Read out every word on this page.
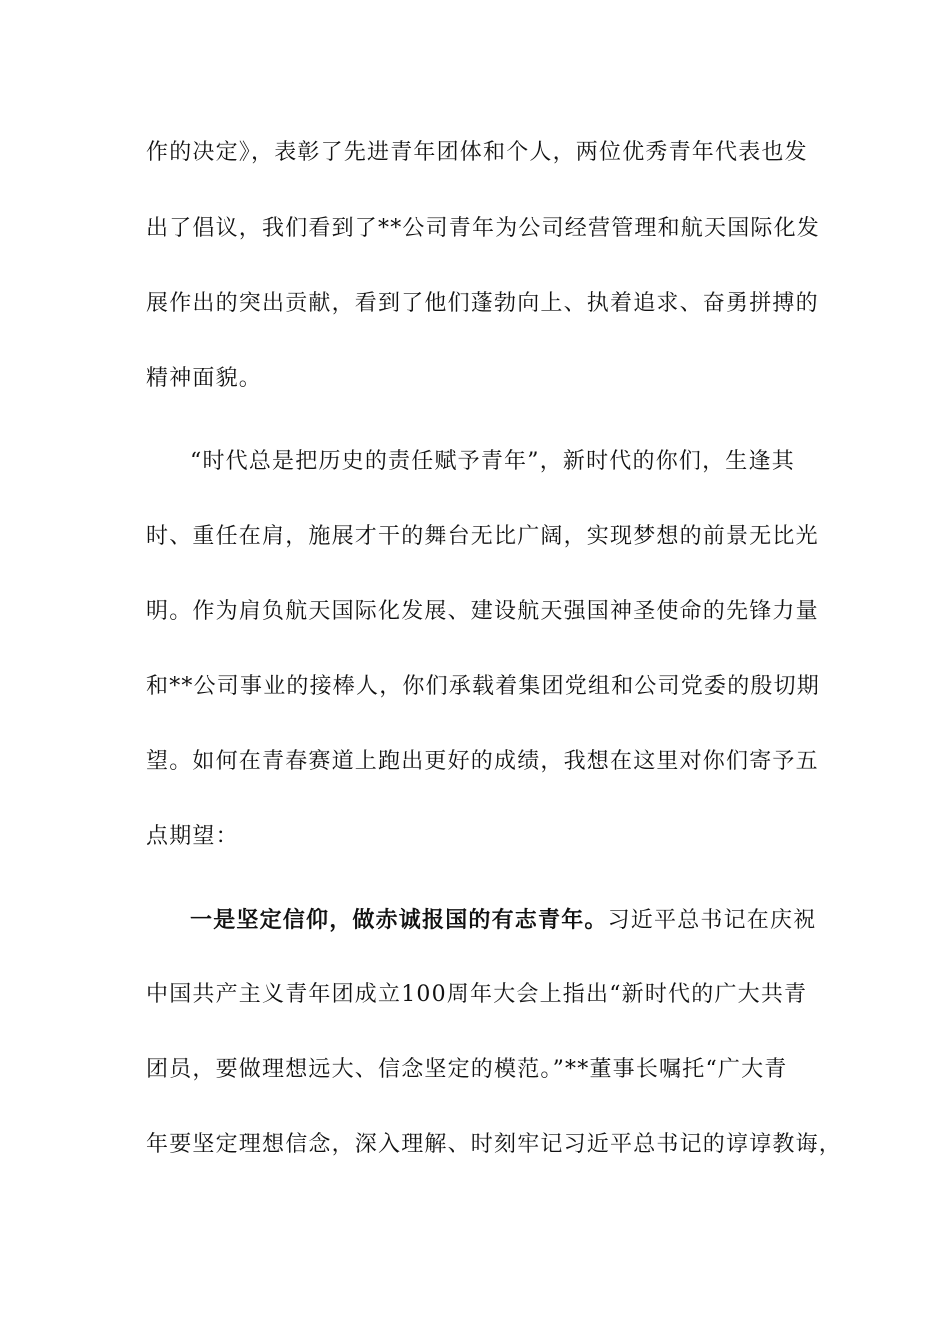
作的决定》，表彰了先进青年团体和个人，两位优秀青年代表也发
出了倡议，我们看到了**公司青年为公司经营管理和航天国际化发
展作出的突出贡献，看到了他们蓬勃向上、执着追求、奋勇拼搏的
精神面貌。
“时代总是把历史的责任赋予青年”，新时代的你们，生逢其
时、重任在肩，施展才干的舞台无比广阔，实现梦想的前景无比光
明。作为肩负航天国际化发展、建设航天强国神圣使命的先锋力量
和**公司事业的接棒人，你们承载着集团党组和公司党委的殷切期
望。如何在青春赛道上跑出更好的成绩，我想在这里对你们寄予五
点期望：
一是坚定信仰，做赤诚报国的有志青年。习近平总书记在庆祝
中国共产主义青年团成立100周年大会上指出“新时代的广大共青
团员，要做理想远大、信念坚定的模范。”**董事长嘱托“广大青
年要坚定理想信念，深入理解、时刻牢记习近平总书记的谆谆教诲，
